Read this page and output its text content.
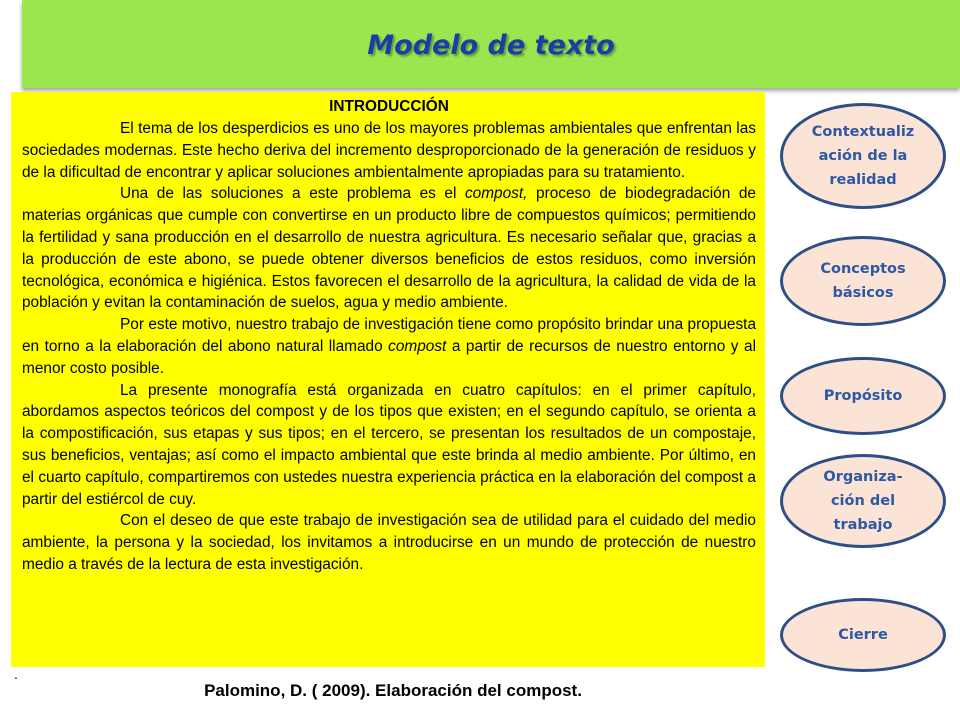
Modelo de texto
INTRODUCCIÓN

El tema de los desperdicios es uno de los mayores problemas ambientales que enfrentan las sociedades modernas. Este hecho deriva del incremento desproporcionado de la generación de residuos y de la dificultad de encontrar y aplicar soluciones ambientalmente apropiadas para su tratamiento.

Una de las soluciones a este problema es el compost, proceso de biodegradación de materias orgánicas que cumple con convertirse en un producto libre de compuestos químicos; permitiendo la fertilidad y sana producción en el desarrollo de nuestra agricultura. Es necesario señalar que, gracias a la producción de este abono, se puede obtener diversos beneficios de estos residuos, como inversión tecnológica, económica e higiénica. Estos favorecen el desarrollo de la agricultura, la calidad de vida de la población y evitan la contaminación de suelos, agua y medio ambiente.

Por este motivo, nuestro trabajo de investigación tiene como propósito brindar una propuesta en torno a la elaboración del abono natural llamado compost a partir de recursos de nuestro entorno y al menor costo posible.

La presente monografía está organizada en cuatro capítulos: en el primer capítulo, abordamos aspectos teóricos del compost y de los tipos que existen; en el segundo capítulo, se orienta a la compostificación, sus etapas y sus tipos; en el tercero, se presentan los resultados de un compostaje, sus beneficios, ventajas; así como el impacto ambiental que este brinda al medio ambiente. Por último, en el cuarto capítulo, compartiremos con ustedes nuestra experiencia práctica en la elaboración del compost a partir del estiércol de cuy.

Con el deseo de que este trabajo de investigación sea de utilidad para el cuidado del medio ambiente, la persona y la sociedad, los invitamos a introducirse en un mundo de protección de nuestro medio a través de la lectura de esta investigación.

.
Palomino, D. ( 2009). Elaboración del compost.
Contextualiz
ación de la
realidad
Conceptos
básicos
Propósito
Organiza-
ción del
trabajo
Cierre
